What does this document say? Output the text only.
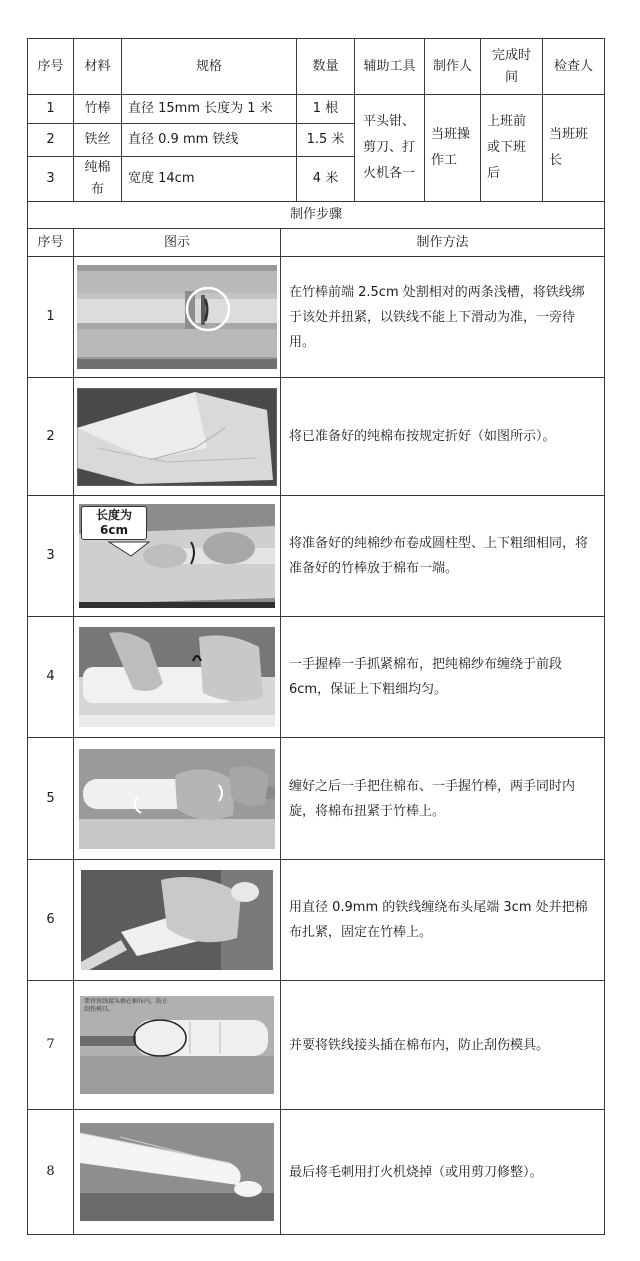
序号	材料	规格	数量	辅助工具	制作人	完成时间	检查人
1	竹棒	直径 15mm 长度为 1 米	1 根	平头钳、剪刀、打火机各一	当班操作工	上班前或下班后	当班班长
2	铁丝	直径 0.9 mm 铁线	1.5 米				
3	纯棉布	宽度 14cm	4 米				
制作步骤		
序号	图示	制作方法
1		在竹棒前端 2.5cm 处割相对的两条浅槽，将铁线绑于该处并扭紧，以铁线不能上下滑动为准，一旁待用。
2		将已准备好的纯棉布按规定折好（如图所示）。
3	长度为 6cm	将准备好的纯棉纱布卷成圆柱型、上下粗细相同，将准备好的竹棒放于棉布一端。
4		一手握棒一手抓紧棉布，把纯棉纱布缠绕于前段 6cm，保证上下粗细均匀。
5		缠好之后一手把住棉布、一手握竹棒，两手同时内旋，将棉布扭紧于竹棒上。
6		用直径 0.9mm 的铁线缠绕布头尾端 3cm 处并把棉布扎紧，固定在竹棒上。
7	要将铁线接头插在棉布内，防止刮伤模具。	并要将铁线接头插在棉布内，防止刮伤模具。
8		最后将毛刺用打火机烧掉（或用剪刀修整）。
